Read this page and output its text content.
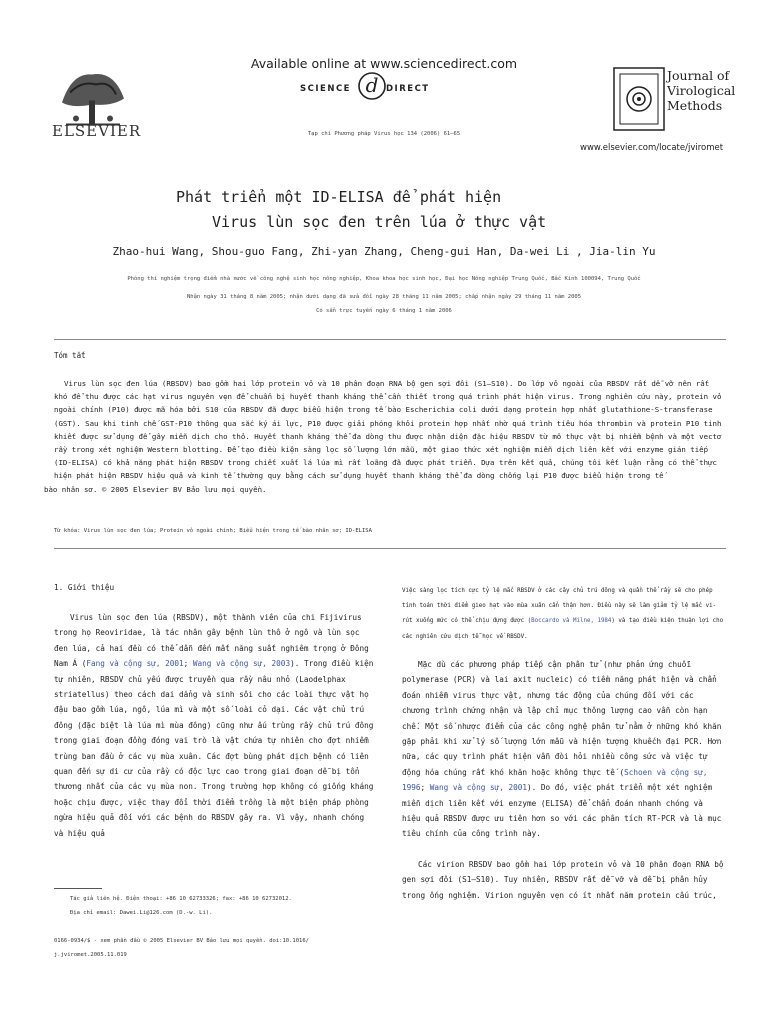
ELSEVIER
Available online at www.sciencedirect.com
SCIENCE d DIRECT
Tạp chí Phương pháp Virus học 134 (2006) 61–65
Journal of
Virological
Methods
www.elsevier.com/locate/jviromet
Phát triển một ID-ELISA để phát hiện
Virus lùn sọc đen trên lúa ở thực vật
Zhao-hui Wang, Shou-guo Fang, Zhi-yan Zhang, Cheng-gui Han, Da-wei Li , Jia-lin Yu
Phòng thí nghiệm trọng điểm nhà nước về công nghệ sinh học nông nghiệp, Khoa khoa học sinh học, Đại học Nông nghiệp Trung Quốc, Bắc Kinh 100094, Trung Quốc
Nhận ngày 31 tháng 8 năm 2005; nhận dưới dạng đã sửa đổi ngày 28 tháng 11 năm 2005; chấp nhận ngày 29 tháng 11 năm 2005
Có sẵn trực tuyến ngày 6 tháng 1 năm 2006
Tóm tắt
Virus lùn sọc đen lúa (RBSDV) bao gồm hai lớp protein vỏ và 10 phân đoạn RNA bộ gen sợi đôi (S1–S10). Do lớp vỏ ngoài của RBSDV rất dễ vỡ nên rất khó để thu được các hạt virus nguyên vẹn để chuẩn bị huyết thanh kháng thể cần thiết trong quá trình phát hiện virus. Trong nghiên cứu này, protein vỏ ngoài chính (P10) được mã hóa bởi S10 của RBSDV đã được biểu hiện trong tế bào Escherichia coli dưới dạng protein hợp nhất glutathione-S-transferase (GST). Sau khi tinh chế GST-P10 thông qua sắc ký ái lực, P10 được giải phóng khỏi protein hợp nhất nhờ quá trình tiêu hóa thrombin và protein P10 tinh khiết được sử dụng để gây miễn dịch cho thỏ. Huyết thanh kháng thể đa dòng thu được nhận diện đặc hiệu RBSDV từ mô thực vật bị nhiễm bệnh và một vectơ rầy trong xét nghiệm Western blotting. Để tạo điều kiện sàng lọc số lượng lớn mẫu, một giao thức xét nghiệm miễn dịch liên kết với enzyme gián tiếp (ID-ELISA) có khả năng phát hiện RBSDV trong chiết xuất lá lúa mì rất loãng đã được phát triển. Dựa trên kết quả, chúng tôi kết luận rằng có thể thực hiện phát hiện RBSDV hiệu quả và kinh tế thường quy bằng cách sử dụng huyết thanh kháng thể đa dòng chống lại P10 được biểu hiện trong tế
bào nhân sơ. © 2005 Elsevier BV Bảo lưu mọi quyền.
Từ khóa: Virus lùn sọc đen lúa; Protein vỏ ngoài chính; Biểu hiện trong tế bào nhân sơ; ID-ELISA
1. Giới thiệu
Virus lùn sọc đen lúa (RBSDV), một thành viên của chi Fijivirus trong họ Reoviridae, là tác nhân gây bệnh lùn thô ở ngô và lùn sọc đen lúa, cả hai đều có thể dẫn đến mất năng suất nghiêm trọng ở Đông Nam Á (Fang và cộng sự, 2001; Wang và cộng sự, 2003). Trong điều kiện tự nhiên, RBSDV chủ yếu được truyền qua rầy nâu nhỏ (Laodelphax striatellus) theo cách dai dẳng và sinh sôi cho các loài thực vật họ đậu bao gồm lúa, ngô, lúa mì và một số loài cỏ dại. Các vật chủ trú đông (đặc biệt là lúa mì mùa đông) cũng như ấu trùng rầy chủ trú đông trong giai đoạn đồng đóng vai trò là vật chứa tự nhiên cho đợt nhiễm trùng ban đầu ở các vụ mùa xuân. Các đợt bùng phát dịch bệnh có liên quan đến sự di cư của rầy có độc lực cao trong giai đoạn dễ bị tổn thương nhất của các vụ mùa non. Trong trường hợp không có giống kháng hoặc chịu được, việc thay đổi thời điểm trồng là một biện pháp phòng ngừa hiệu quả đối với các bệnh do RBSDV gây ra. Vì vậy, nhanh chóng và hiệu quả
Việc sàng lọc tích cực tỷ lệ mắc RBSDV ở các cây chủ trú đông và quần thể rầy sẽ cho phép tính toán thời điểm gieo hạt vào mùa xuân cẩn thận hơn. Điều này sẽ làm giảm tỷ lệ mắc vi-rút xuống mức có thể chịu đựng được (Boccardo và Milne, 1984) và tạo điều kiện thuận lợi cho các nghiên cứu dịch tễ học về RBSDV.
Mặc dù các phương pháp tiếp cận phân tử (như phản ứng chuỗi polymerase (PCR) và lai axit nucleic) có tiềm năng phát hiện và chẩn đoán nhiễm virus thực vật, nhưng tác động của chúng đối với các chương trình chứng nhận và lập chỉ mục thông lượng cao vẫn còn hạn chế. Một số nhược điểm của các công nghệ phân tử nằm ở những khó khăn gặp phải khi xử lý số lượng lớn mẫu và hiện tượng khuếch đại PCR. Hơn nữa, các quy trình phát hiện vẫn đòi hỏi nhiều công sức và việc tự động hóa chúng rất khó khăn hoặc không thực tế (Schoen và cộng sự, 1996; Wang và cộng sự, 2001). Do đó, việc phát triển một xét nghiệm miễn dịch liên kết với enzyme (ELISA) để chẩn đoán nhanh chóng và hiệu quả RBSDV được ưu tiên hơn so với các phân tích RT-PCR và là mục tiêu chính của công trình này.
Các virion RBSDV bao gồm hai lớp protein vỏ và 10 phân đoạn RNA bộ gen sợi đôi (S1–S10). Tuy nhiên, RBSDV rất dễ vỡ và dễ bị phân hủy trong ống nghiệm. Virion nguyên vẹn có ít nhất năm protein cấu trúc,
Tác giả liên hệ. Điện thoại: +86 10 62733326; fax: +86 10 62732012.
Địa chỉ email: Dawei.Li@126.com (D.-w. Li).
0166-0934/$ - xem phần đầu © 2005 Elsevier BV Bảo lưu mọi quyền. doi:10.1016/
j.jviromet.2005.11.019
